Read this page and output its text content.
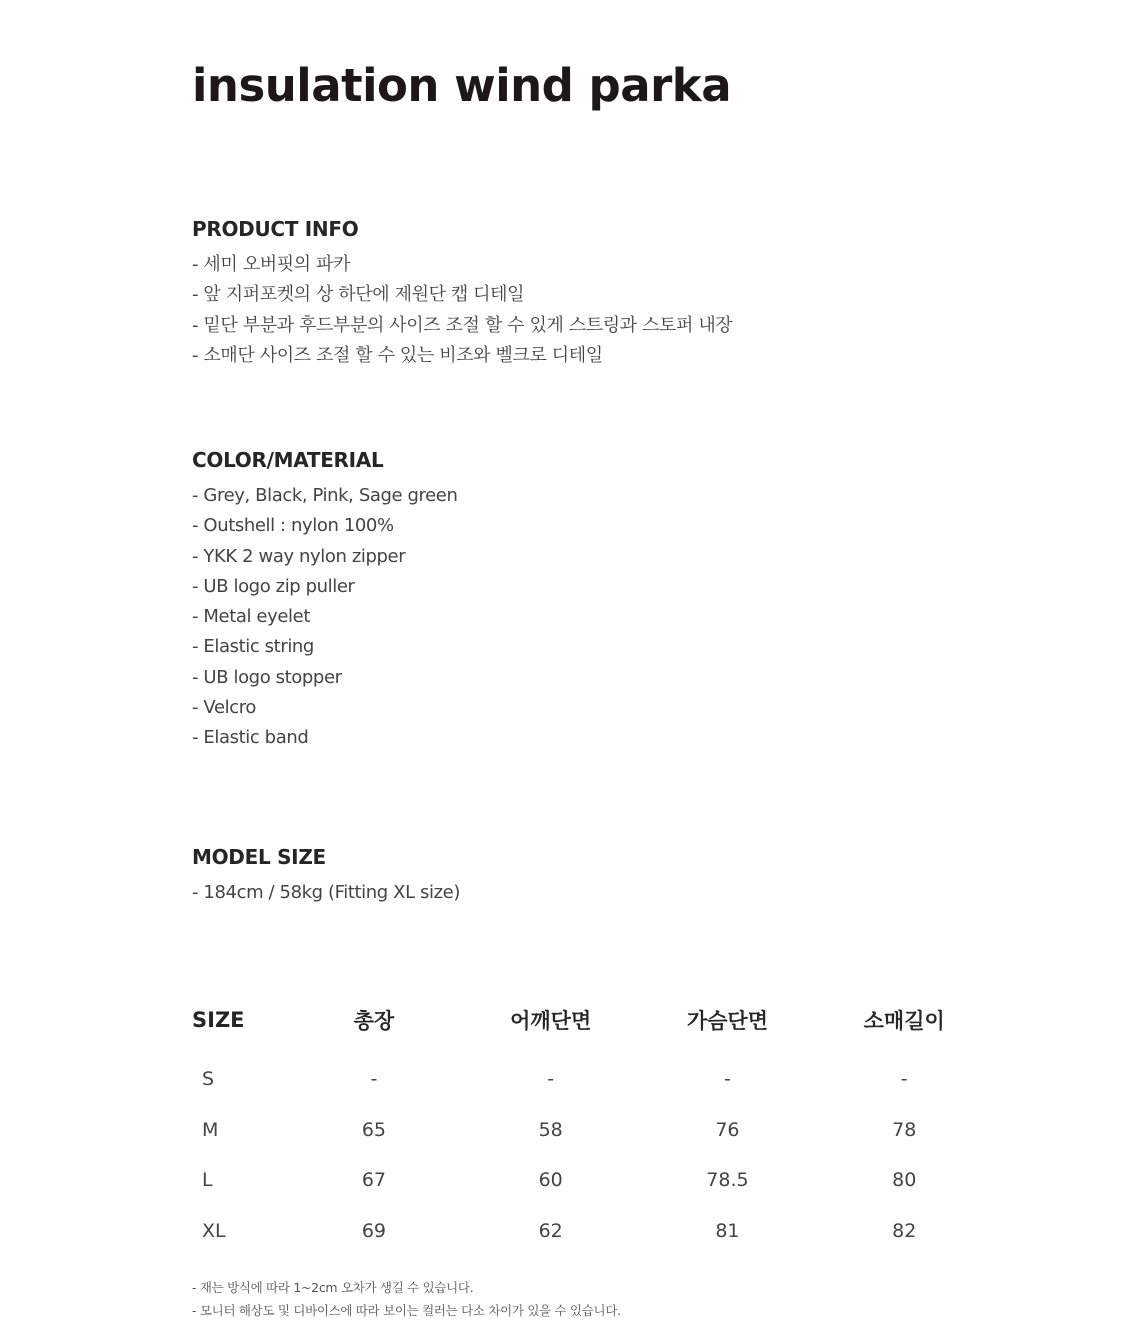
insulation wind parka
PRODUCT INFO
- 세미 오버핏의 파카
- 앞 지퍼포켓의 상 하단에 제원단 캡 디테일
- 밑단 부분과 후드부분의 사이즈 조절 할 수 있게 스트링과 스토퍼 내장
- 소매단 사이즈 조절 할 수 있는 비조와 벨크로 디테일
COLOR/MATERIAL
- Grey, Black, Pink, Sage green
- Outshell : nylon 100%
- YKK 2 way nylon zipper
- UB logo zip puller
- Metal eyelet
- Elastic string
- UB logo stopper
- Velcro
- Elastic band
MODEL SIZE
- 184cm / 58kg (Fitting XL size)
SIZE	총장	어깨단면	가슴단면	소매길이

S	-	-	-	-
M	65	58	76	78
L	67	60	78.5	80
XL	69	62	81	82
- 재는 방식에 따라 1~2cm 오차가 생길 수 있습니다.
- 모니터 해상도 및 디바이스에 따라 보이는 컬러는 다소 차이가 있을 수 있습니다.
